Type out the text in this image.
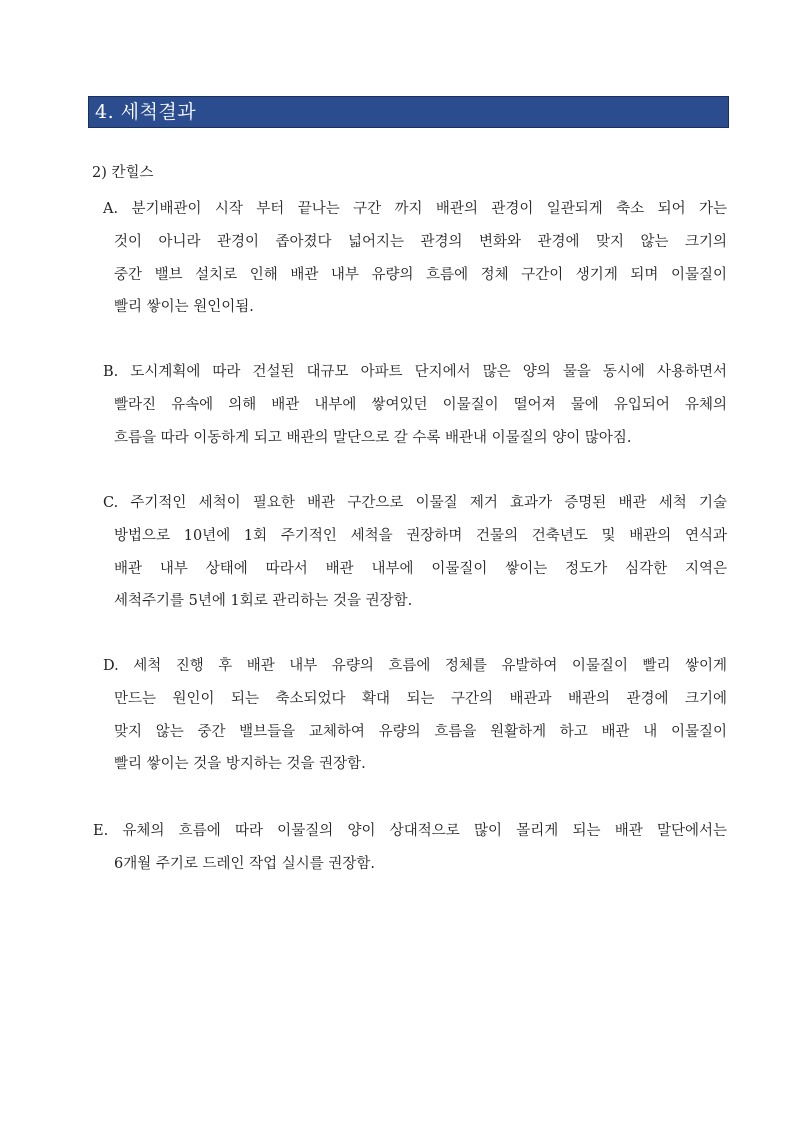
4. 세척결과
2) 칸힐스
A. 분기배관이 시작 부터 끝나는 구간 까지 배관의 관경이 일관되게 축소 되어 가는
것이 아니라 관경이 좁아졌다 넓어지는 관경의 변화와 관경에 맞지 않는 크기의
중간 밸브 설치로 인해 배관 내부 유량의 흐름에 정체 구간이 생기게 되며 이물질이
빨리 쌓이는 원인이됨.
B. 도시계획에 따라 건설된 대규모 아파트 단지에서 많은 양의 물을 동시에 사용하면서
빨라진 유속에 의해 배관 내부에 쌓여있던 이물질이 떨어져 물에 유입되어 유체의
흐름을 따라 이동하게 되고 배관의 말단으로 갈 수록 배관내 이물질의 양이 많아짐.
C. 주기적인 세척이 필요한 배관 구간으로 이물질 제거 효과가 증명된 배관 세척 기술
방법으로 10년에 1회 주기적인 세척을 권장하며 건물의 건축년도 및 배관의 연식과
배관 내부 상태에 따라서 배관 내부에 이물질이 쌓이는 정도가 심각한 지역은
세척주기를 5년에 1회로 관리하는 것을 권장함.
D. 세척 진행 후 배관 내부 유량의 흐름에 정체를 유발하여 이물질이 빨리 쌓이게
만드는 원인이 되는 축소되었다 확대 되는 구간의 배관과 배관의 관경에 크기에
맞지 않는 중간 밸브들을 교체하여 유량의 흐름을 원활하게 하고 배관 내 이물질이
빨리 쌓이는 것을 방지하는 것을 권장함.
E. 유체의 흐름에 따라 이물질의 양이 상대적으로 많이 몰리게 되는 배관 말단에서는
6개월 주기로 드레인 작업 실시를 권장함.
